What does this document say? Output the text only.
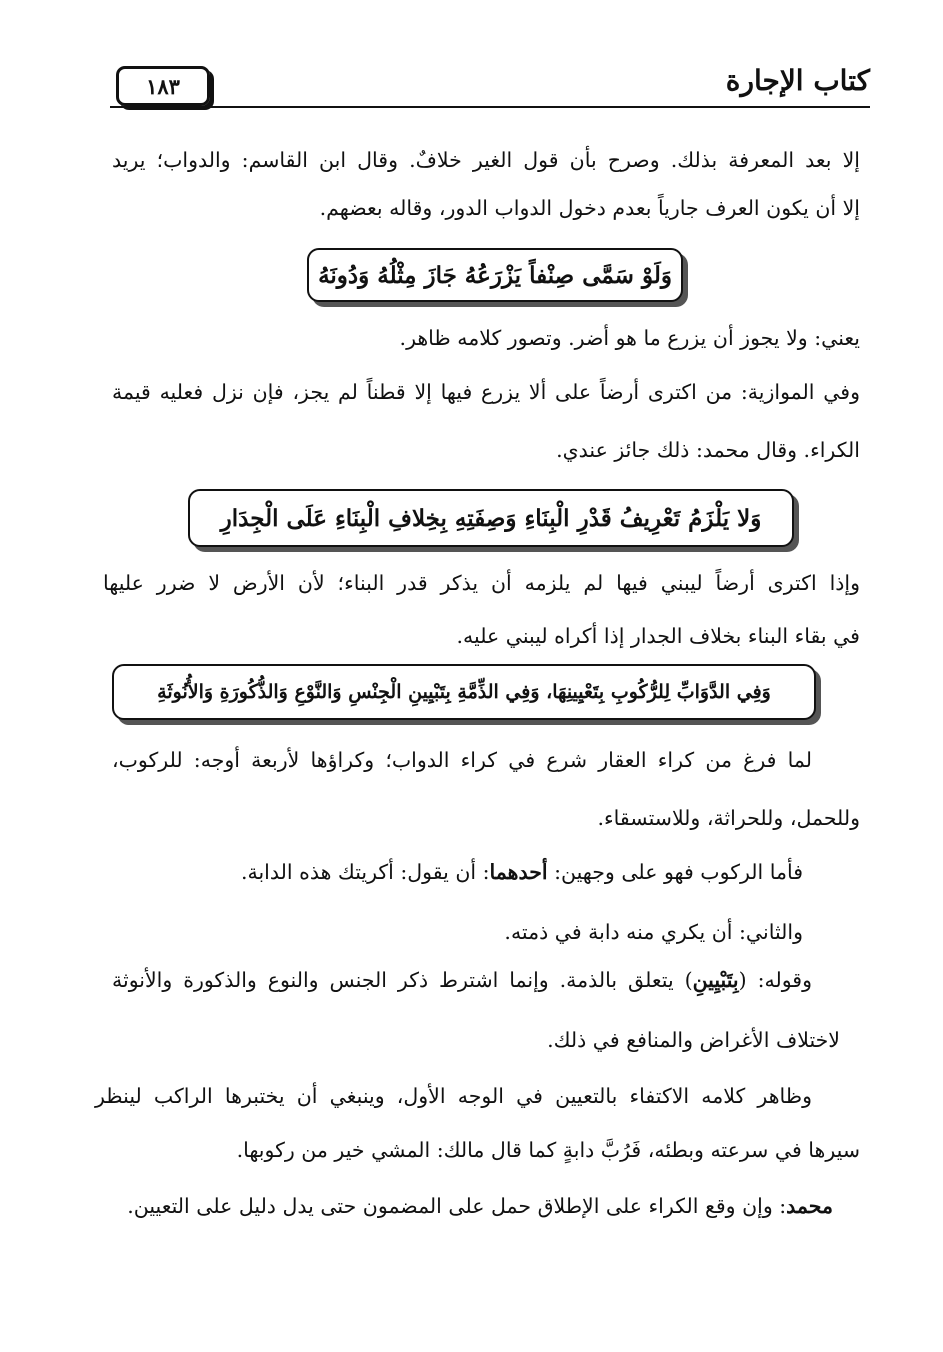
١٨٣	كتاب الإجارة
إلا بعد المعرفة بذلك. وصرح بأن قول الغير خلافٌ. وقال ابن القاسم: والدواب؛ يريد
إلا أن يكون العرف جارياً بعدم دخول الدواب الدور، وقاله بعضهم.
وَلَوْ سَمَّى صِنْفاً يَزْرَعُهُ جَازَ مِثْلُهُ وَدُونَهُ
يعني: ولا يجوز أن يزرع ما هو أضر. وتصور كلامه ظاهر.
وفي الموازية: من اكترى أرضاً على ألا يزرع فيها إلا قطناً لم يجز، فإن نزل فعليه قيمة
الكراء. وقال محمد: ذلك جائز عندي.
وَلا يَلْزَمُ تَعْرِيفُ قَدْرِ الْبِنَاءِ وَصِفَتِهِ بِخِلافِ الْبِنَاءِ عَلَى الْجِدَارِ
وإذا اكترى أرضاً ليبني فيها لم يلزمه أن يذكر قدر البناء؛ لأن الأرض لا ضرر عليها
في بقاء البناء بخلاف الجدار إذا أكراه ليبني عليه.
وَفِي الدَّوَابِّ لِلرُّكُوبِ بِتَعْيِينِهَا، وَفِي الذِّمَّةِ بِتَبْيِينِ الْجِنْسِ وَالنَّوْعِ وَالذُّكُورَةِ وَالأُنُوثَةِ
لما فرغ من كراء العقار شرع في كراء الدواب؛ وكراؤها لأربعة أوجه: للركوب،
وللحمل، وللحراثة، وللاستسقاء.
فأما الركوب فهو على وجهين: أحدهما: أن يقول: أكريتك هذه الدابة.
والثاني: أن يكري منه دابة في ذمته.
وقوله: (بِتَبْيِينِ) يتعلق بالذمة. وإنما اشترط ذكر الجنس والنوع والذكورة والأنوثة
لاختلاف الأغراض والمنافع في ذلك.
وظاهر كلامه الاكتفاء بالتعيين في الوجه الأول، وينبغي أن يختبرها الراكب لينظر
سيرها في سرعته وبطئه، فَرُبَّ دابةٍ كما قال مالك: المشي خير من ركوبها.
محمد: وإن وقع الكراء على الإطلاق حمل على المضمون حتى يدل دليل على التعيين.
